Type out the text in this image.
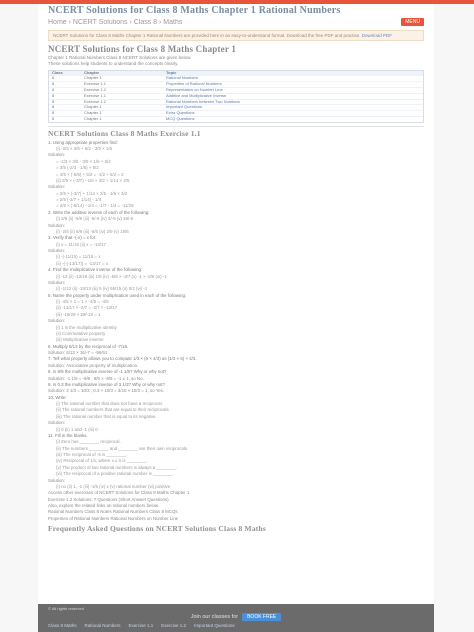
NCERT Solutions for Class 8 Maths Chapter 1 Rational Numbers
Home › NCERT Solutions › Class 8 › Maths	MENU
NCERT Solutions for Class 8 Maths Chapter 1 Rational Numbers are provided here in an easy-to-understand format. Download the free PDF and practise. Download PDF
NCERT Solutions for Class 8 Maths Chapter 1
Chapter 1 Rational Numbers Class 8 NCERT Solutions are given below.
These solutions help students to understand the concepts clearly.
Class	Chapter	Topic
8	Chapter 1	Rational Numbers
8	Exercise 1.1	Properties of Rational Numbers
8	Exercise 1.2	Representation on Number Line
8	Exercise 1.1	Additive and Multiplicative Inverse
8	Exercise 1.2	Rational Numbers between Two Numbers
8	Chapter 1	Important Questions
8	Chapter 1	Extra Questions
8	Chapter 1	MCQ Questions
NCERT Solutions Class 8 Maths Exercise 1.1
1. Using appropriate properties find:
(i) -2/3 × 3/5 + 5/2 - 3/5 × 1/6
Solution:
= -2/3 × 3/5 - 3/5 × 1/6 + 5/2
= 3/5 (-2/3 - 1/6) + 5/2
= 3/5 × (-5/6) + 5/2 = -1/2 + 5/2 = 2
(ii) 2/5 × (-3/7) - 1/6 × 3/2 + 1/14 × 2/5
Solution:
= 2/5 × (-3/7) + 1/14 × 2/5 - 1/6 × 3/2
= 2/5 (-3/7 + 1/14) - 1/4
= 2/5 × (-5/14) - 1/4 = -1/7 - 1/4 = -11/28
2. Write the additive inverse of each of the following:
(i) 2/8 (ii) -5/9 (iii) -6/-5 (iv) 2/-9 (v) 19/-6
Solution:
(i) -2/8 (ii) 5/9 (iii) -6/5 (iv) 2/9 (v) 19/6
3. Verify that -(-x) = x for:
(i) x = 11/15 (ii) x = -13/17
Solution:
(i) -(-11/15) = 11/15 = x
(ii) -(-(-13/17)) = -13/17 = x
4. Find the multiplicative inverse of the following:
(i) -13 (ii) -13/19 (iii) 1/5 (iv) -5/8 × -3/7 (v) -1 × -2/5 (vi) -1
Solution:
(i) -1/13 (ii) -19/13 (iii) 5 (iv) 56/15 (v) 5/2 (vi) -1
5. Name the property under multiplication used in each of the following:
(i) -4/5 × 1 = 1 × -4/5 = -4/5
(ii) -13/17 × -2/7 = -2/7 × -13/17
(iii) -19/29 × 29/-19 = 1
Solution:
(i) 1 is the multiplicative identity
(ii) Commutative property
(iii) Multiplicative inverse
6. Multiply 6/13 by the reciprocal of -7/16.
Solution: 6/13 × 16/-7 = -96/91
7. Tell what property allows you to compute 1/3 × (6 × 4/3) as (1/3 × 6) × 4/3.
Solution: Associative property of multiplication.
8. Is 8/9 the multiplicative inverse of -1 1/8? Why or why not?
Solution: -1 1/8 = -9/8 ; 8/9 × -9/8 = -1 ≠ 1, so No.
9. Is 0.3 the multiplicative inverse of 3 1/3? Why or why not?
Solution: 3 1/3 = 10/3 ; 0.3 × 10/3 = 3/10 × 10/3 = 1, so Yes.
10. Write:
(i) The rational number that does not have a reciprocal.
(ii) The rational numbers that are equal to their reciprocals.
(iii) The rational number that is equal to its negative.
Solution:
(i) 0 (ii) 1 and -1 (iii) 0
11. Fill in the blanks.
(i) Zero has ________ reciprocal.
(ii) The numbers ________ and ________ are their own reciprocals.
(iii) The reciprocal of -5 is ________.
(iv) Reciprocal of 1/x, where x ≠ 0 is ________.
(v) The product of two rational numbers is always a ________.
(vi) The reciprocal of a positive rational number is ________.
Solution:
(i) no (ii) 1, -1 (iii) -1/5 (iv) x (v) rational number (vi) positive
Access other exercises of NCERT Solutions for Class 8 Maths Chapter 1
Exercise 1.2 Solutions: 7 Questions (Short Answer Questions)
Also, explore the related links on rational numbers below.
Rational Numbers Class 8 Notes Rational Numbers Class 8 MCQs
Properties of Rational Numbers Rational Numbers on Number Line
Frequently Asked Questions on NCERT Solutions Class 8 Maths
© All rights reserved
Join our classes for	BOOK FREE
Class 8 Maths Rational Numbers Exercise 1.1 Exercise 1.2 Important Questions
